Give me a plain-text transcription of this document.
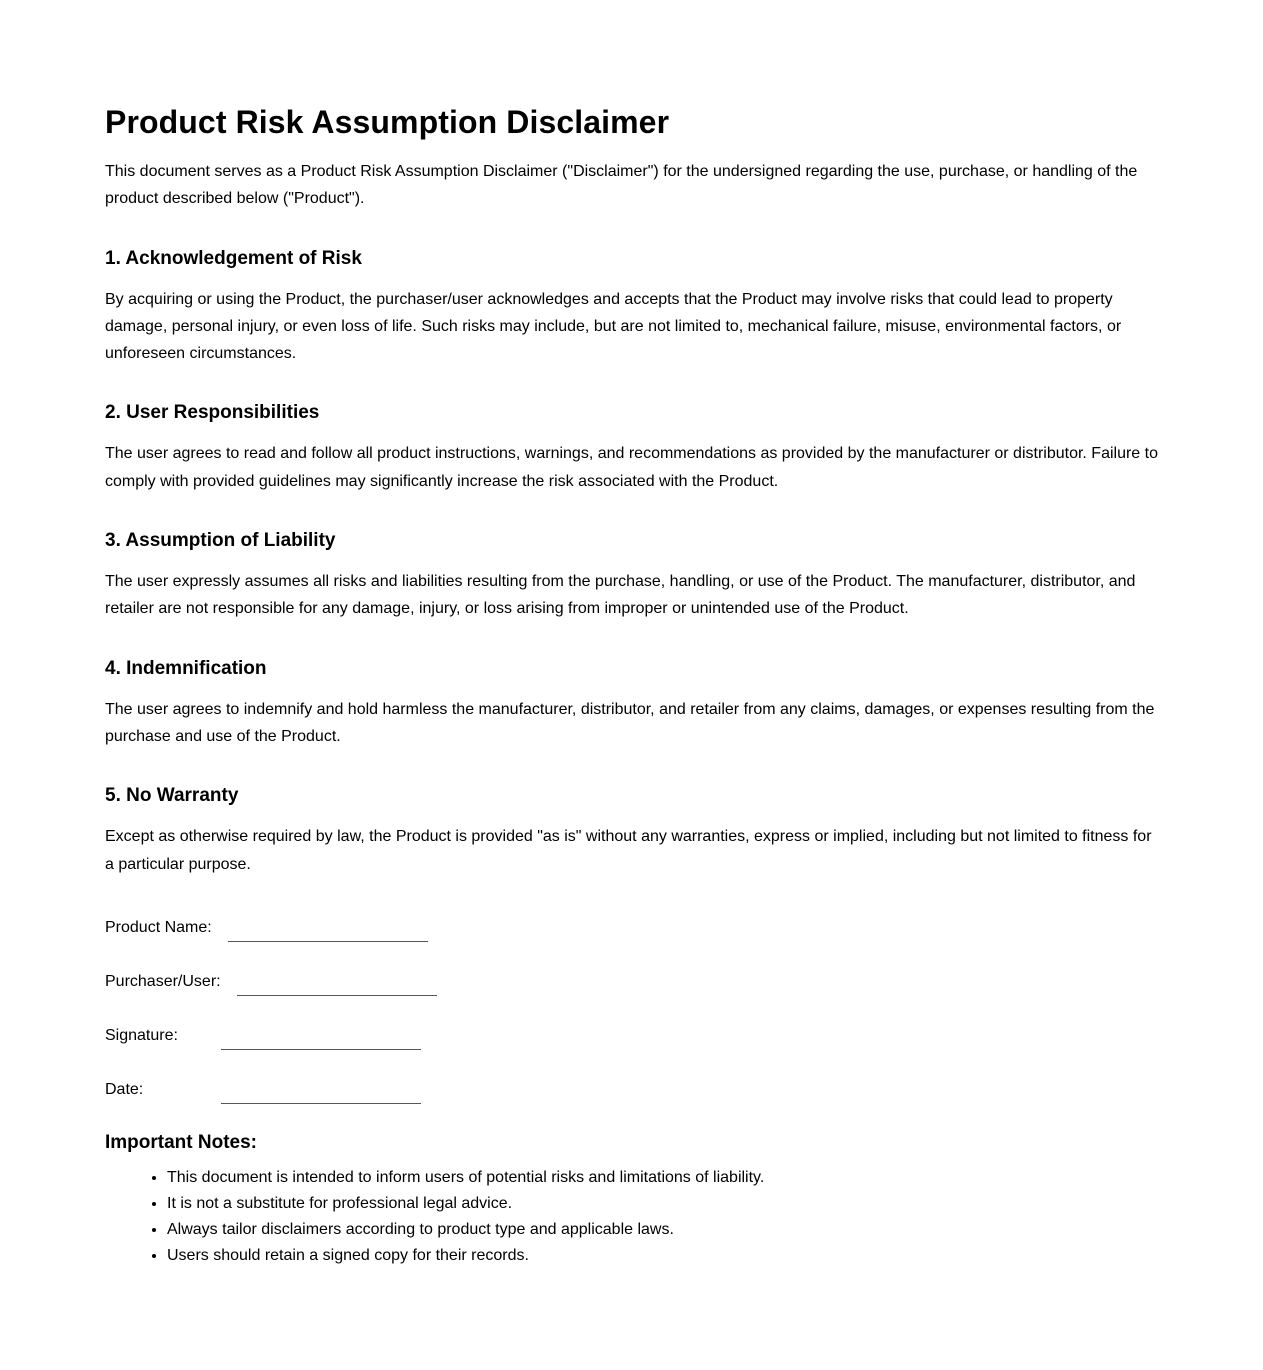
Product Risk Assumption Disclaimer

This document serves as a Product Risk Assumption Disclaimer ("Disclaimer") for the undersigned regarding the use, purchase, or handling of the product described below ("Product").

1. Acknowledgement of Risk

By acquiring or using the Product, the purchaser/user acknowledges and accepts that the Product may involve risks that could lead to property damage, personal injury, or even loss of life. Such risks may include, but are not limited to, mechanical failure, misuse, environmental factors, or unforeseen circumstances.

2. User Responsibilities

The user agrees to read and follow all product instructions, warnings, and recommendations as provided by the manufacturer or distributor. Failure to comply with provided guidelines may significantly increase the risk associated with the Product.

3. Assumption of Liability

The user expressly assumes all risks and liabilities resulting from the purchase, handling, or use of the Product. The manufacturer, distributor, and retailer are not responsible for any damage, injury, or loss arising from improper or unintended use of the Product.

4. Indemnification

The user agrees to indemnify and hold harmless the manufacturer, distributor, and retailer from any claims, damages, or expenses resulting from the purchase and use of the Product.

5. No Warranty

Except as otherwise required by law, the Product is provided "as is" without any warranties, express or implied, including but not limited to fitness for a particular purpose.

Product Name:
Purchaser/User:
Signature:
Date:
Important Notes:
• This document is intended to inform users of potential risks and limitations of liability.
• It is not a substitute for professional legal advice.
• Always tailor disclaimers according to product type and applicable laws.
• Users should retain a signed copy for their records.
